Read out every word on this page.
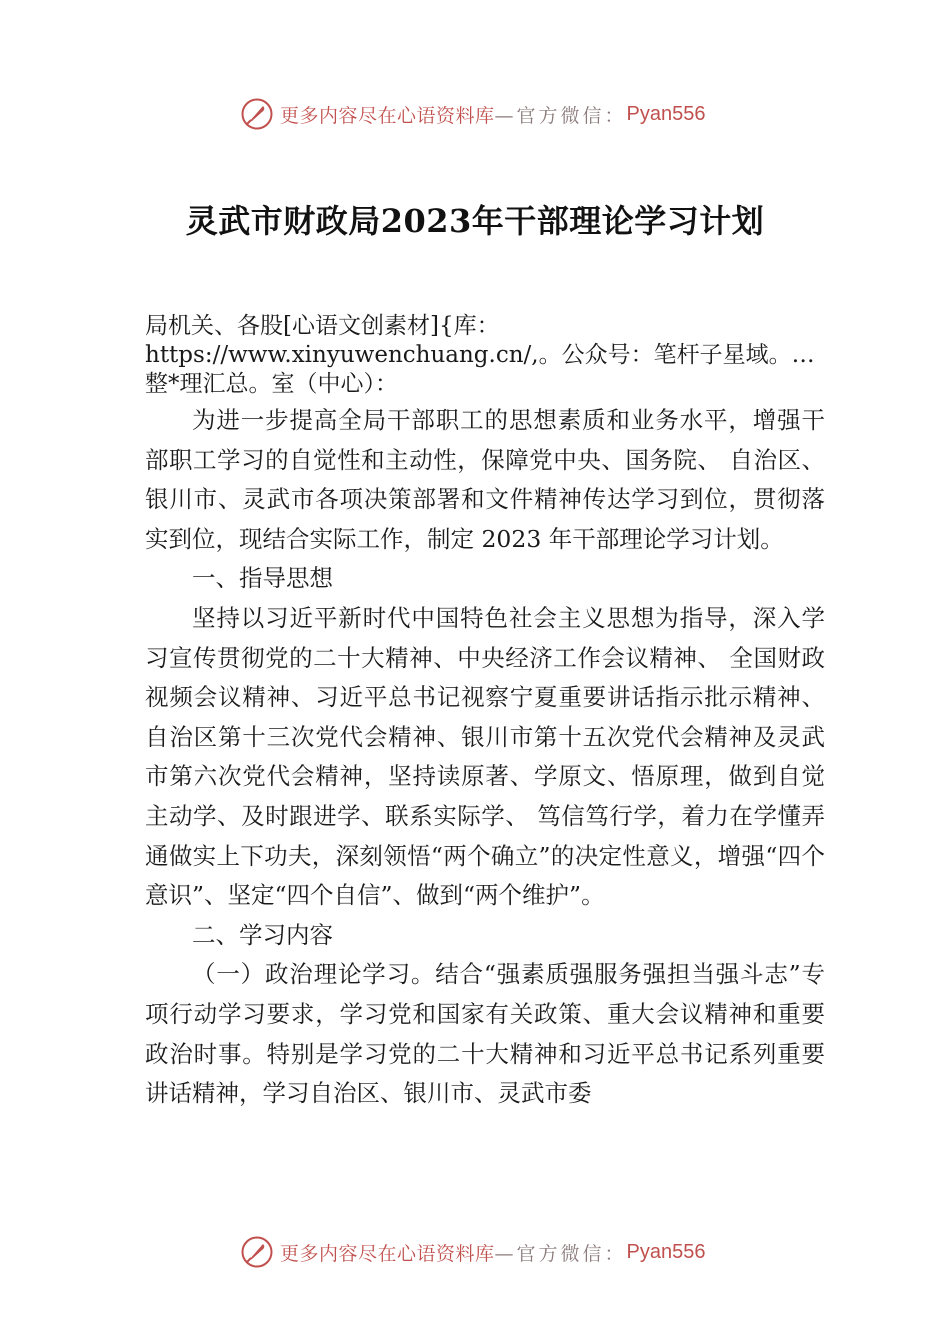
更多内容尽在心语资料库 —官方微信： Pyan556
灵武市财政局2023年干部理论学习计划

局机关、各股[心语文创素材]{库：https://www.xinyuwenchuang.cn/,。公众号：笔杆子星域。…整*理汇总。室（中心）：

为进一步提高全局干部职工的思想素质和业务水平，增强干部职工学习的自觉性和主动性，保障党中央、国务院、 自治区、银川市、灵武市各项决策部署和文件精神传达学习到位，贯彻落实到位，现结合实际工作，制定 2023 年干部理论学习计划。

一、指导思想

坚持以习近平新时代中国特色社会主义思想为指导，深入学习宣传贯彻党的二十大精神、中央经济工作会议精神、 全国财政视频会议精神、习近平总书记视察宁夏重要讲话指示批示精神、自治区第十三次党代会精神、银川市第十五次党代会精神及灵武市第六次党代会精神，坚持读原著、学原文、悟原理，做到自觉主动学、及时跟进学、联系实际学、 笃信笃行学，着力在学懂弄通做实上下功夫，深刻领悟“两个确立”的决定性意义，增强“四个意识”、坚定“四个自信”、做到“两个维护”。

二、学习内容

（一）政治理论学习。结合“强素质强服务强担当强斗志”专项行动学习要求，学习党和国家有关政策、重大会议精神和重要政治时事。特别是学习党的二十大精神和习近平总书记系列重要讲话精神，学习自治区、银川市、灵武市委

更多内容尽在心语资料库 —官方微信： Pyan556
